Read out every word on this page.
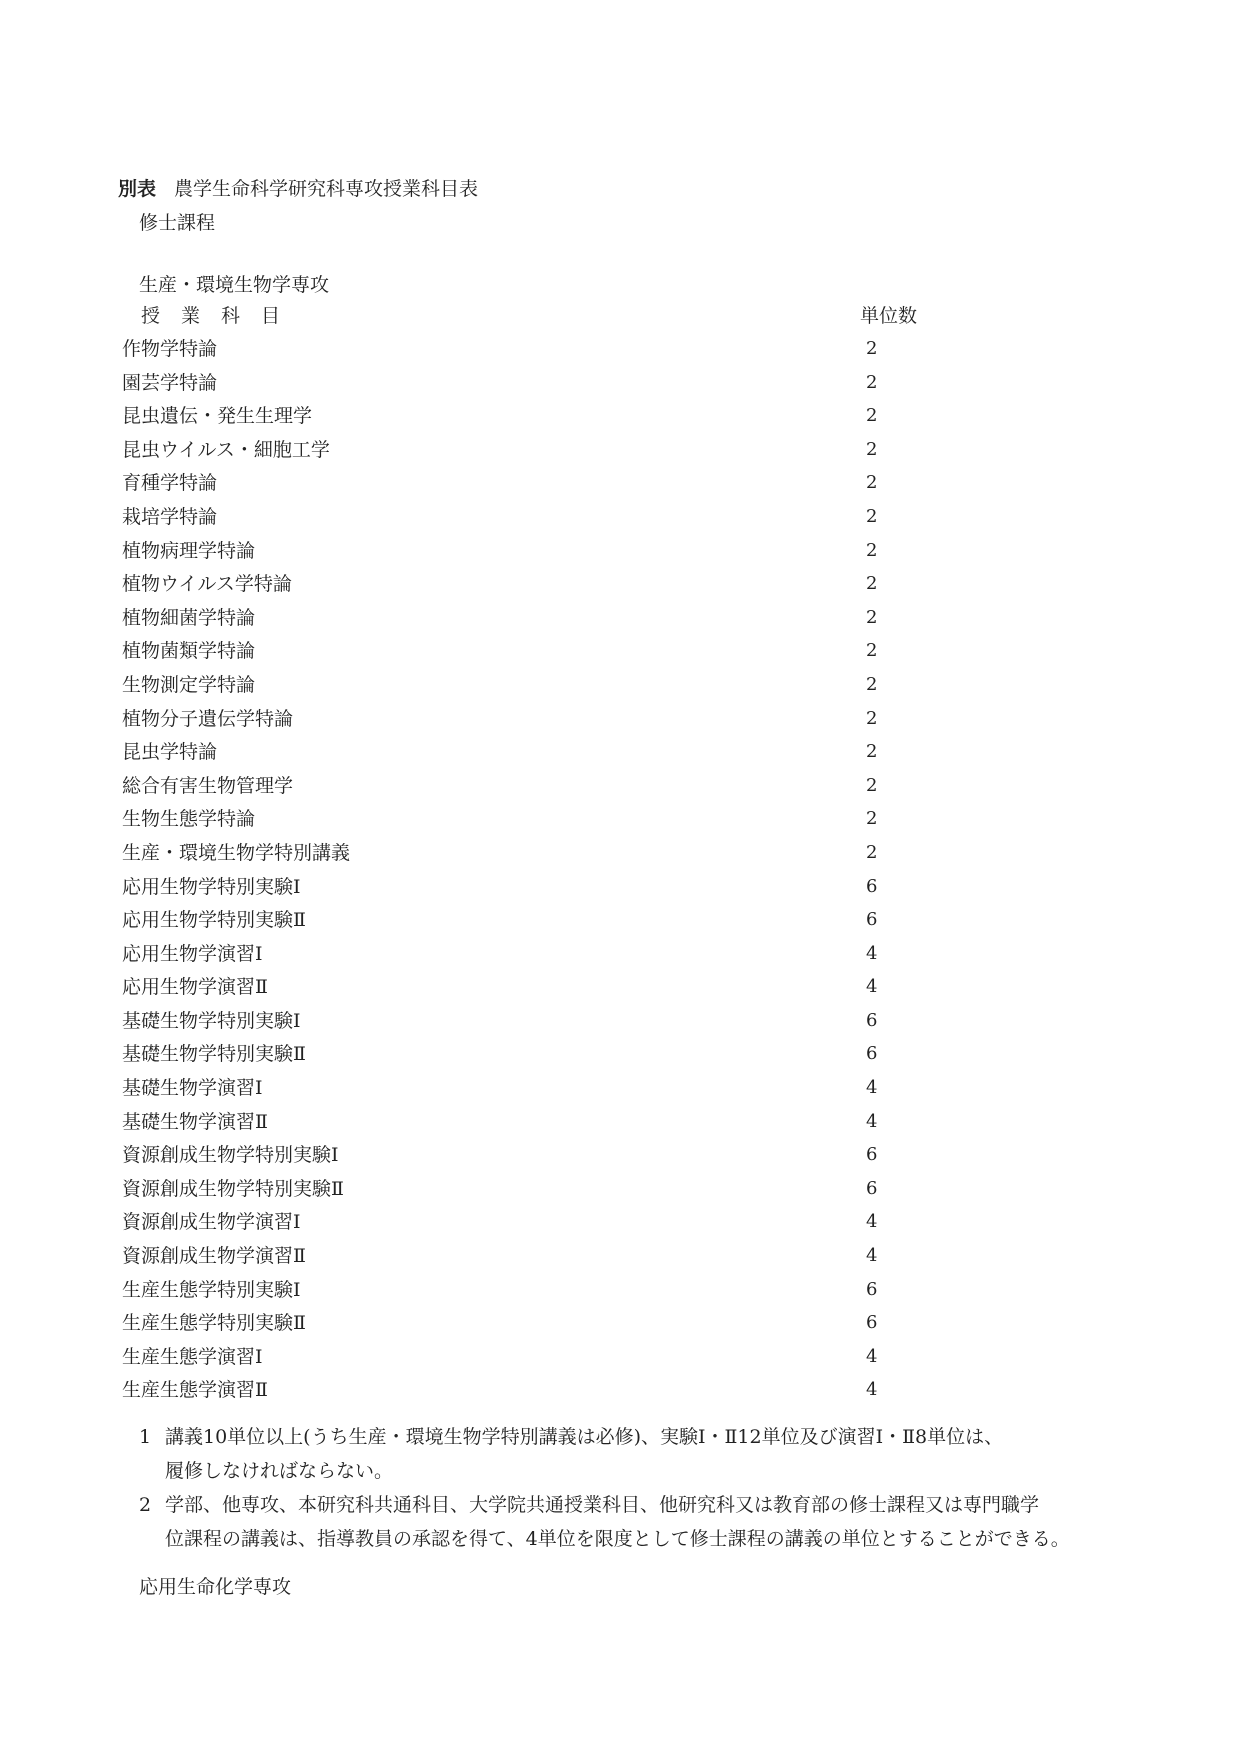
別表 農学生命科学研究科専攻授業科目表
修士課程
生産・環境生物学専攻
授業科目	単位数
作物学特論	2
園芸学特論	2
昆虫遺伝・発生生理学	2
昆虫ウイルス・細胞工学	2
育種学特論	2
栽培学特論	2
植物病理学特論	2
植物ウイルス学特論	2
植物細菌学特論	2
植物菌類学特論	2
生物測定学特論	2
植物分子遺伝学特論	2
昆虫学特論	2
総合有害生物管理学	2
生物生態学特論	2
生産・環境生物学特別講義	2
応用生物学特別実験Ⅰ	6
応用生物学特別実験Ⅱ	6
応用生物学演習Ⅰ	4
応用生物学演習Ⅱ	4
基礎生物学特別実験Ⅰ	6
基礎生物学特別実験Ⅱ	6
基礎生物学演習Ⅰ	4
基礎生物学演習Ⅱ	4
資源創成生物学特別実験Ⅰ	6
資源創成生物学特別実験Ⅱ	6
資源創成生物学演習Ⅰ	4
資源創成生物学演習Ⅱ	4
生産生態学特別実験Ⅰ	6
生産生態学特別実験Ⅱ	6
生産生態学演習Ⅰ	4
生産生態学演習Ⅱ	4
1 講義10単位以上(うち生産・環境生物学特別講義は必修)、実験Ⅰ・Ⅱ12単位及び演習Ⅰ・Ⅱ8単位は、
履修しなければならない。
2 学部、他専攻、本研究科共通科目、大学院共通授業科目、他研究科又は教育部の修士課程又は専門職学
位課程の講義は、指導教員の承認を得て、4単位を限度として修士課程の講義の単位とすることができる。
応用生命化学専攻
